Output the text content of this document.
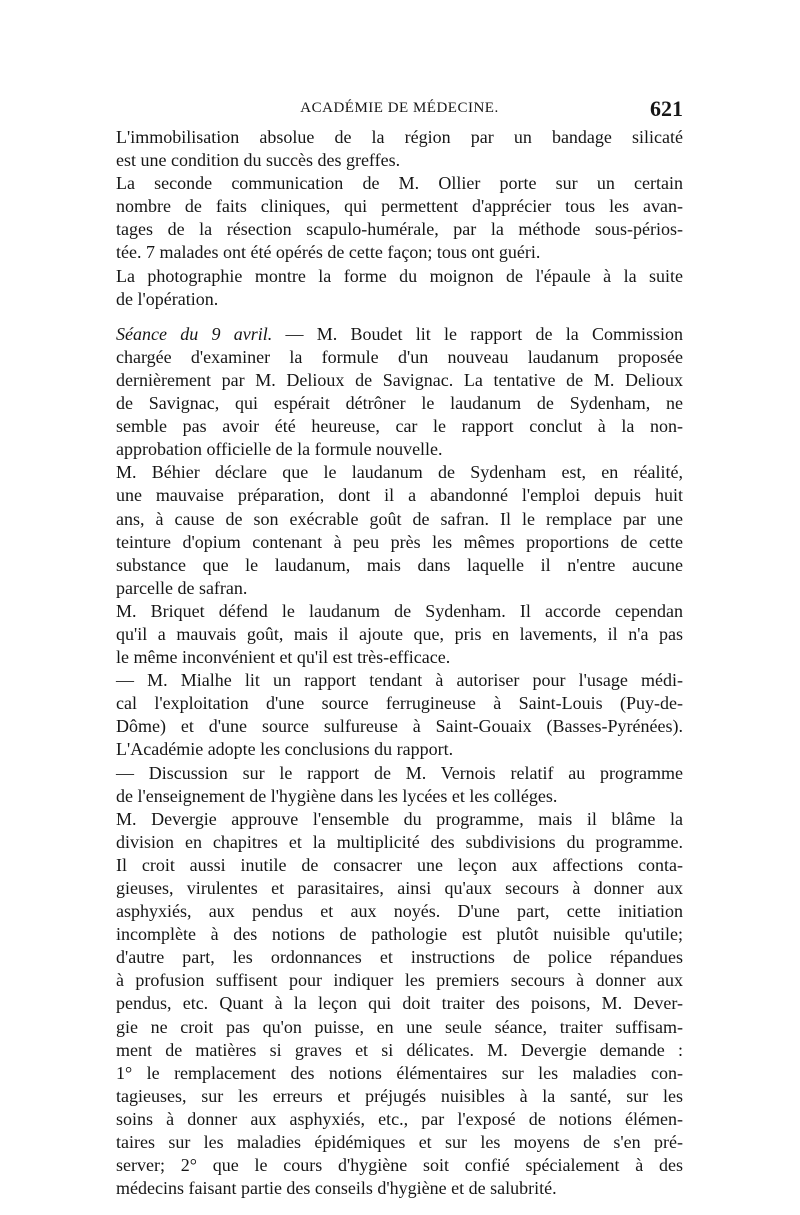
ACADÉMIE DE MÉDECINE.	621
L'immobilisation absolue de la région par un bandage silicaté
est une condition du succès des greffes.
La seconde communication de M. Ollier porte sur un certain
nombre de faits cliniques, qui permettent d'apprécier tous les avan-
tages de la résection scapulo-humérale, par la méthode sous-périos-
tée. 7 malades ont été opérés de cette façon; tous ont guéri.
La photographie montre la forme du moignon de l'épaule à la suite
de l'opération.
Séance du 9 avril. — M. Boudet lit le rapport de la Commission
chargée d'examiner la formule d'un nouveau laudanum proposée
dernièrement par M. Delioux de Savignac. La tentative de M. Delioux
de Savignac, qui espérait détrôner le laudanum de Sydenham, ne
semble pas avoir été heureuse, car le rapport conclut à la non-
approbation officielle de la formule nouvelle.
M. Béhier déclare que le laudanum de Sydenham est, en réalité,
une mauvaise préparation, dont il a abandonné l'emploi depuis huit
ans, à cause de son exécrable goût de safran. Il le remplace par une
teinture d'opium contenant à peu près les mêmes proportions de cette
substance que le laudanum, mais dans laquelle il n'entre aucune
parcelle de safran.
M. Briquet défend le laudanum de Sydenham. Il accorde cependan
qu'il a mauvais goût, mais il ajoute que, pris en lavements, il n'a pas
le même inconvénient et qu'il est très-efficace.
— M. Mialhe lit un rapport tendant à autoriser pour l'usage médi-
cal l'exploitation d'une source ferrugineuse à Saint-Louis (Puy-de-
Dôme) et d'une source sulfureuse à Saint-Gouaix (Basses-Pyrénées).
L'Académie adopte les conclusions du rapport.
— Discussion sur le rapport de M. Vernois relatif au programme
de l'enseignement de l'hygiène dans les lycées et les colléges.
M. Devergie approuve l'ensemble du programme, mais il blâme la
division en chapitres et la multiplicité des subdivisions du programme.
Il croit aussi inutile de consacrer une leçon aux affections conta-
gieuses, virulentes et parasitaires, ainsi qu'aux secours à donner aux
asphyxiés, aux pendus et aux noyés. D'une part, cette initiation
incomplète à des notions de pathologie est plutôt nuisible qu'utile;
d'autre part, les ordonnances et instructions de police répandues
à profusion suffisent pour indiquer les premiers secours à donner aux
pendus, etc. Quant à la leçon qui doit traiter des poisons, M. Dever-
gie ne croit pas qu'on puisse, en une seule séance, traiter suffisam-
ment de matières si graves et si délicates. M. Devergie demande :
1° le remplacement des notions élémentaires sur les maladies con-
tagieuses, sur les erreurs et préjugés nuisibles à la santé, sur les
soins à donner aux asphyxiés, etc., par l'exposé de notions élémen-
taires sur les maladies épidémiques et sur les moyens de s'en pré-
server; 2° que le cours d'hygiène soit confié spécialement à des
médecins faisant partie des conseils d'hygiène et de salubrité.
